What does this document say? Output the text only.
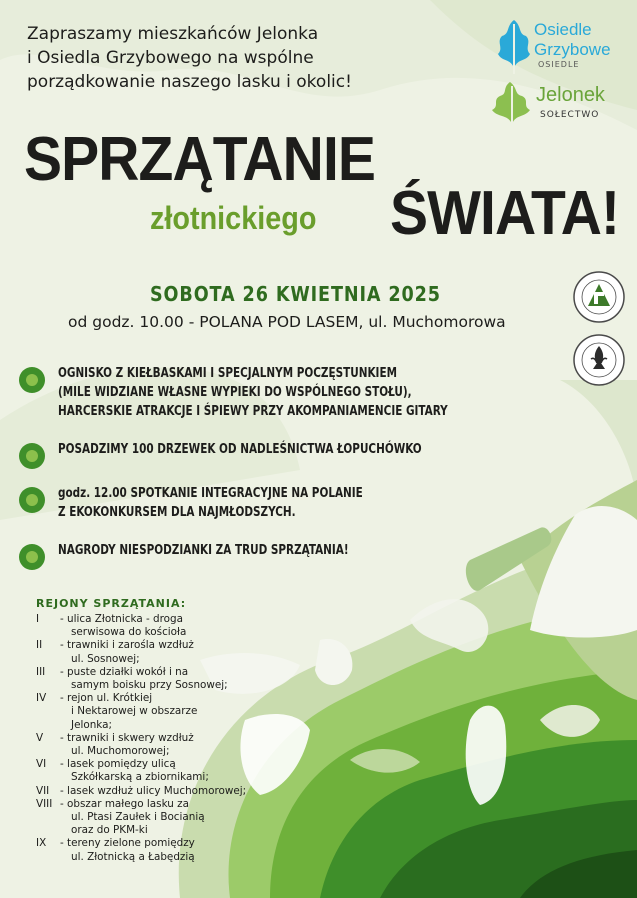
Zapraszamy mieszkańców Jelonka
i Osiedla Grzybowego na wspólne
porządkowanie naszego lasku i okolic!
Osiedle
Grzybowe
OSIEDLE
Jelonek
SOŁECTWO
SPRZĄTANIE
złotnickiego ŚWIATA!
SOBOTA 26 KWIETNIA 2025
od godz. 10.00 - POLANA POD LASEM, ul. Muchomorowa
OGNISKO Z KIEŁBASKAMI I SPECJALNYM POCZĘSTUNKIEM
(MILE WIDZIANE WŁASNE WYPIEKI DO WSPÓLNEGO STOŁU),
HARCERSKIE ATRAKCJE I ŚPIEWY PRZY AKOMPANIAMENCIE GITARY
POSADZIMY 100 DRZEWEK OD NADLEŚNICTWA ŁOPUCHÓWKO
godz. 12.00 SPOTKANIE INTEGRACYJNE NA POLANIE
Z EKOKONKURSEM DLA NAJMŁODSZYCH.
NAGRODY NIESPODZIANKI ZA TRUD SPRZĄTANIA!
REJONY SPRZĄTANIA:
I	- ulica Złotnicka - droga
serwisowa do kościoła
II	- trawniki i zarośla wzdłuż
ul. Sosnowej;
III	- puste działki wokół i na
samym boisku przy Sosnowej;
IV	- rejon ul. Krótkiej
i Nektarowej w obszarze
Jelonka;
V	- trawniki i skwery wzdłuż
ul. Muchomorowej;
VI	- lasek pomiędzy ulicą
Szkółkarską a zbiornikami;
VII	- lasek wzdłuż ulicy Muchomorowej;
VIII - obszar małego lasku za
ul. Ptasi Zaułek i Bocianią
oraz do PKM-ki
IX	- tereny zielone pomiędzy
ul. Złotnicką a Łabędzią
